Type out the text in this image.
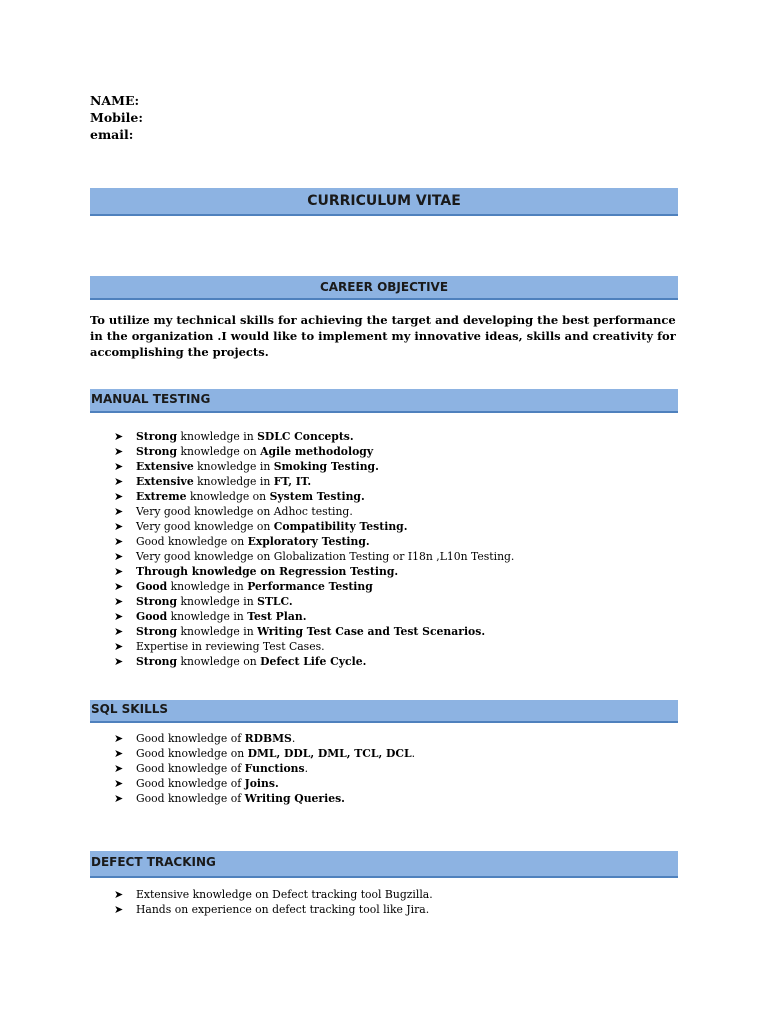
NAME:
Mobile:
email:
CURRICULUM VITAE
CAREER OBJECTIVE
To utilize my technical skills for achieving the target and developing the best performance in the organization .I would like to implement my innovative ideas, skills and creativity for accomplishing the projects.
MANUAL TESTING
➤ Strong knowledge in SDLC Concepts.
➤ Strong knowledge on Agile methodology
➤ Extensive knowledge in Smoking Testing.
➤ Extensive knowledge in FT, IT.
➤ Extreme knowledge on System Testing.
➤ Very good knowledge on Adhoc testing.
➤ Very good knowledge on Compatibility Testing.
➤ Good knowledge on Exploratory Testing.
➤ Very good knowledge on Globalization Testing or I18n ,L10n Testing.
➤ Through knowledge on Regression Testing.
➤ Good knowledge in Performance Testing
➤ Strong knowledge in STLC.
➤ Good knowledge in Test Plan.
➤ Strong knowledge in Writing Test Case and Test Scenarios.
➤ Expertise in reviewing Test Cases.
➤ Strong knowledge on Defect Life Cycle.
SQL SKILLS
➤ Good knowledge of RDBMS.
➤ Good knowledge on DML, DDL, DML, TCL, DCL.
➤ Good knowledge of Functions.
➤ Good knowledge of Joins.
➤ Good knowledge of Writing Queries.
DEFECT TRACKING
➤ Extensive knowledge on Defect tracking tool Bugzilla.
➤ Hands on experience on defect tracking tool like Jira.
